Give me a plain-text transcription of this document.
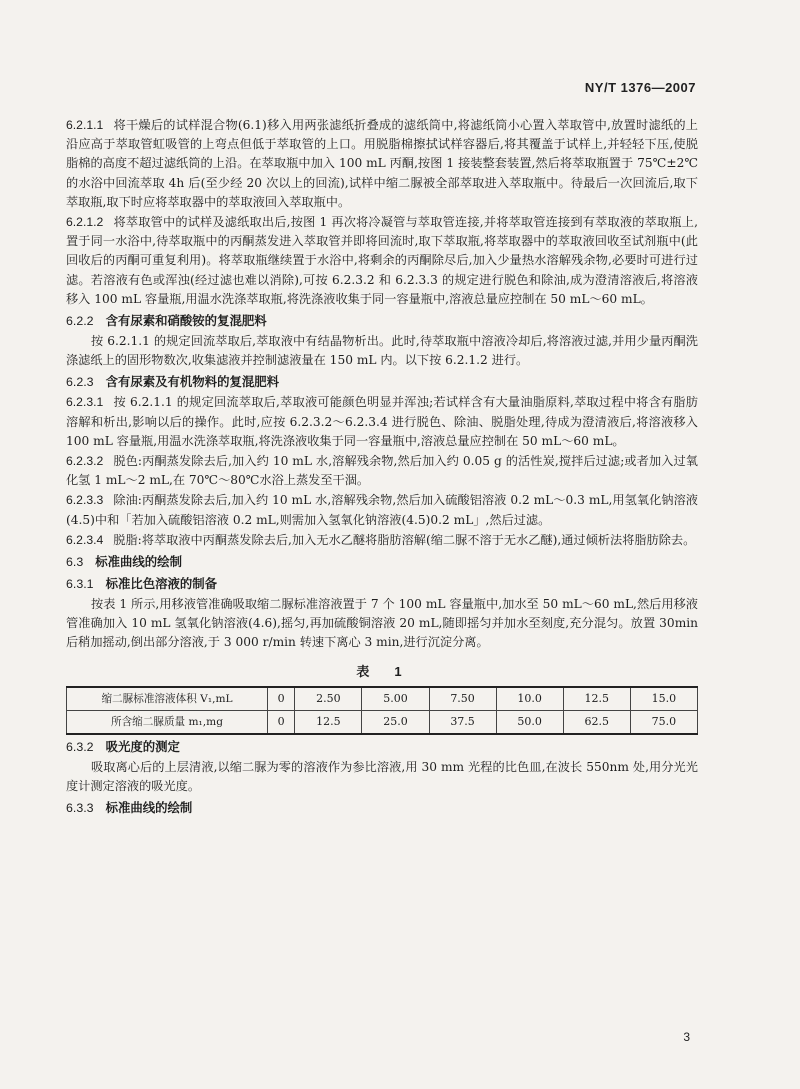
NY/T 1376—2007

6.2.1.1 将干燥后的试样混合物(6.1)移入用两张滤纸折叠成的滤纸筒中,将滤纸筒小心置入萃取管中,放置时滤纸的上沿应高于萃取管虹吸管的上弯点但低于萃取管的上口。用脱脂棉擦拭试样容器后,将其覆盖于试样上,并轻轻下压,使脱脂棉的高度不超过滤纸筒的上沿。在萃取瓶中加入 100 mL 丙酮,按图 1 接装整套装置,然后将萃取瓶置于 75℃±2℃的水浴中回流萃取 4h 后(至少经 20 次以上的回流),试样中缩二脲被全部萃取进入萃取瓶中。待最后一次回流后,取下萃取瓶,取下时应将萃取器中的萃取液回入萃取瓶中。

6.2.1.2 将萃取管中的试样及滤纸取出后,按图 1 再次将冷凝管与萃取管连接,并将萃取管连接到有萃取液的萃取瓶上,置于同一水浴中,待萃取瓶中的丙酮蒸发进入萃取管并即将回流时,取下萃取瓶,将萃取器中的萃取液回收至试剂瓶中(此回收后的丙酮可重复利用)。将萃取瓶继续置于水浴中,将剩余的丙酮除尽后,加入少量热水溶解残余物,必要时可进行过滤。若溶液有色或浑浊(经过滤也难以消除),可按 6.2.3.2 和 6.2.3.3 的规定进行脱色和除油,成为澄清溶液后,将溶液移入 100 mL 容量瓶,用温水洗涤萃取瓶,将洗涤液收集于同一容量瓶中,溶液总量应控制在 50 mL～60 mL。

6.2.2 含有尿素和硝酸铵的复混肥料

按 6.2.1.1 的规定回流萃取后,萃取液中有结晶物析出。此时,待萃取瓶中溶液冷却后,将溶液过滤,并用少量丙酮洗涤滤纸上的固形物数次,收集滤液并控制滤液量在 150 mL 内。以下按 6.2.1.2 进行。

6.2.3 含有尿素及有机物料的复混肥料

6.2.3.1 按 6.2.1.1 的规定回流萃取后,萃取液可能颜色明显并浑浊;若试样含有大量油脂原料,萃取过程中将含有脂肪溶解和析出,影响以后的操作。此时,应按 6.2.3.2～6.2.3.4 进行脱色、除油、脱脂处理,待成为澄清液后,将溶液移入 100 mL 容量瓶,用温水洗涤萃取瓶,将洗涤液收集于同一容量瓶中,溶液总量应控制在 50 mL～60 mL。

6.2.3.2 脱色:丙酮蒸发除去后,加入约 10 mL 水,溶解残余物,然后加入约 0.05 g 的活性炭,搅拌后过滤;或者加入过氧化氢 1 mL～2 mL,在 70℃～80℃水浴上蒸发至干涸。

6.2.3.3 除油:丙酮蒸发除去后,加入约 10 mL 水,溶解残余物,然后加入硫酸铝溶液 0.2 mL～0.3 mL,用氢氧化钠溶液(4.5)中和「若加入硫酸铝溶液 0.2 mL,则需加入氢氧化钠溶液(4.5)0.2 mL」,然后过滤。

6.2.3.4 脱脂:将萃取液中丙酮蒸发除去后,加入无水乙醚将脂肪溶解(缩二脲不溶于无水乙醚),通过倾析法将脂肪除去。

6.3 标准曲线的绘制
6.3.1 标准比色溶液的制备

按表 1 所示,用移液管准确吸取缩二脲标准溶液置于 7 个 100 mL 容量瓶中,加水至 50 mL～60 mL,然后用移液管准确加入 10 mL 氢氧化钠溶液(4.6),摇匀,再加硫酸铜溶液 20 mL,随即摇匀并加水至刻度,充分混匀。放置 30min 后稍加摇动,倒出部分溶液,于 3 000 r/min 转速下离心 3 min,进行沉淀分离。

表　1
缩二脲标准溶液体积 V₁,mL	0	2.50	5.00	7.50	10.0	12.5	15.0
所含缩二脲质量 m₁,mg	0	12.5	25.0	37.5	50.0	62.5	75.0
6.3.2 吸光度的测定

吸取离心后的上层清液,以缩二脲为零的溶液作为参比溶液,用 30 mm 光程的比色皿,在波长 550nm 处,用分光光度计测定溶液的吸光度。

6.3.3 标准曲线的绘制
3
